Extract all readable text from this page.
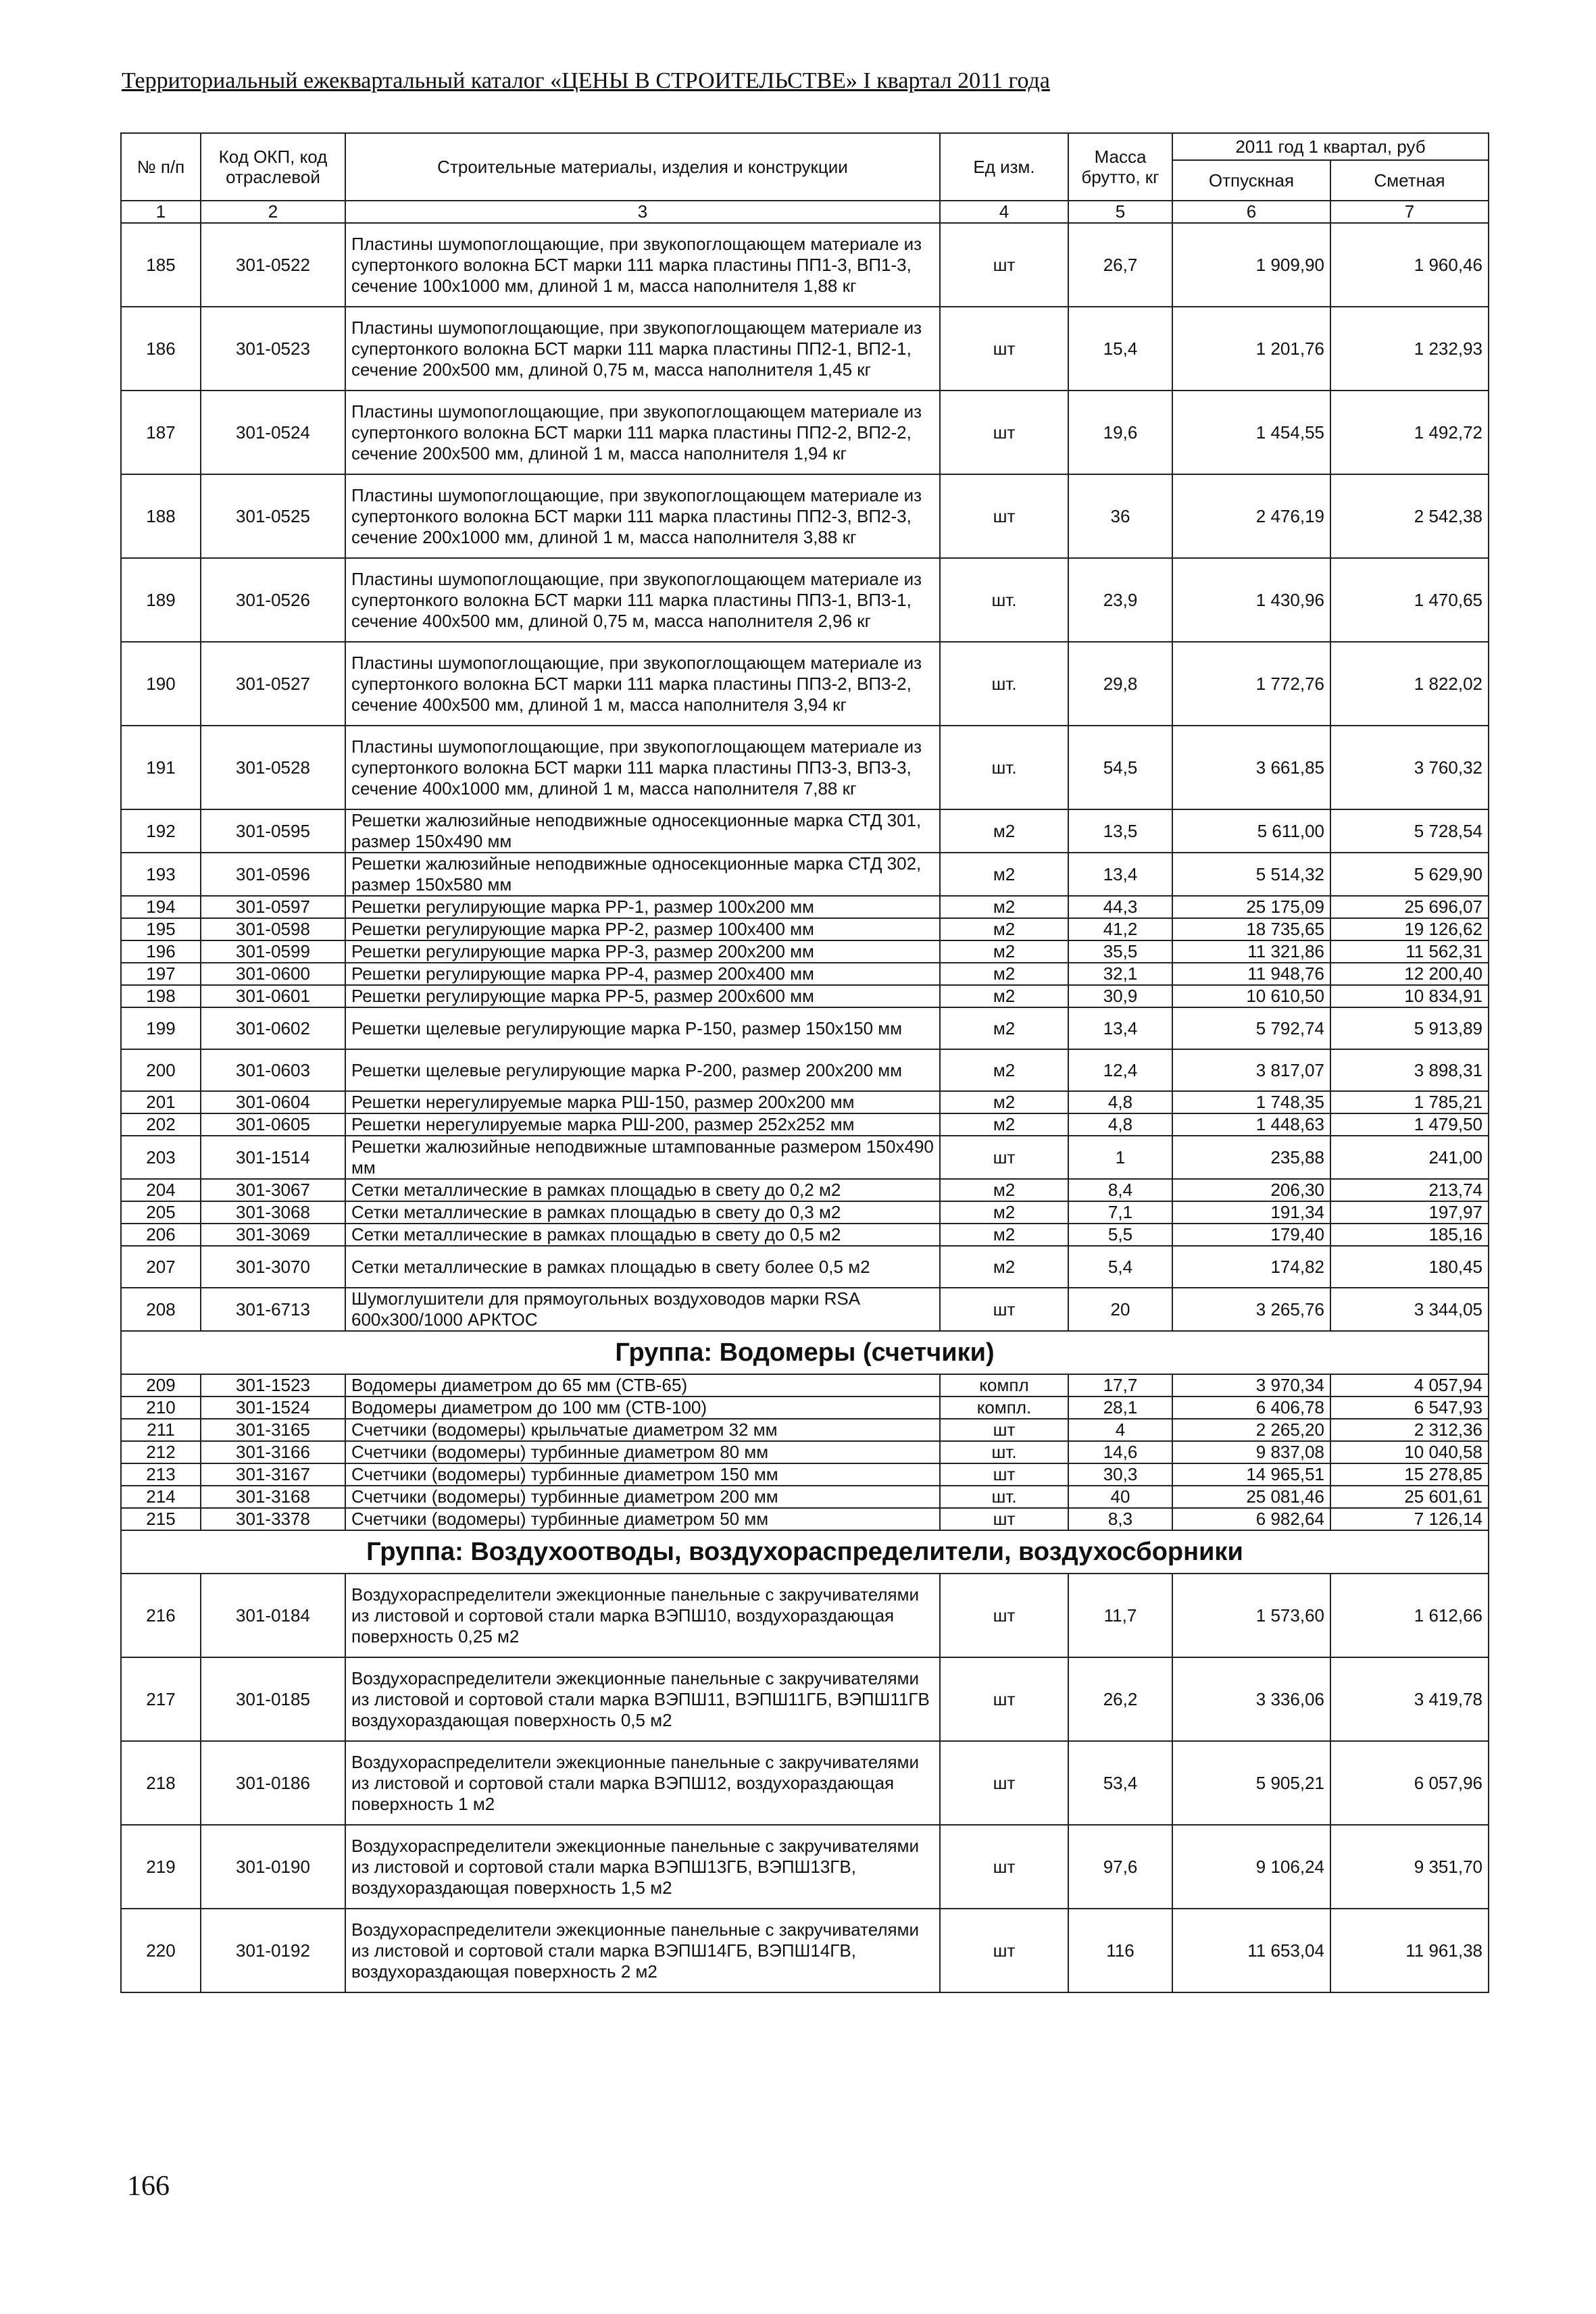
Территориальный ежеквартальный каталог «ЦЕНЫ В СТРОИТЕЛЬСТВЕ» I квартал 2011 года
№ п/п	Код ОКП, код отраслевой	Строительные материалы, изделия и конструкции	Ед изм.	Масса брутто, кг	2011 год 1 квартал, руб	
					Отпускная	Сметная
1	2	3	4	5	6	7
185	301-0522	Пластины шумопоглощающие, при звукопоглощающем материале из супертонкого волокна БСТ марки 111 марка пластины ПП1-3, ВП1-3, сечение 100х1000 мм, длиной 1 м, масса наполнителя 1,88 кг	шт	26,7	1 909,90	1 960,46
186	301-0523	Пластины шумопоглощающие, при звукопоглощающем материале из супертонкого волокна БСТ марки 111 марка пластины ПП2-1, ВП2-1, сечение 200х500 мм, длиной 0,75 м, масса наполнителя 1,45 кг	шт	15,4	1 201,76	1 232,93
187	301-0524	Пластины шумопоглощающие, при звукопоглощающем материале из супертонкого волокна БСТ марки 111 марка пластины ПП2-2, ВП2-2, сечение 200х500 мм, длиной 1 м, масса наполнителя 1,94 кг	шт	19,6	1 454,55	1 492,72
188	301-0525	Пластины шумопоглощающие, при звукопоглощающем материале из супертонкого волокна БСТ марки 111 марка пластины ПП2-3, ВП2-3, сечение 200х1000 мм, длиной 1 м, масса наполнителя 3,88 кг	шт	36	2 476,19	2 542,38
189	301-0526	Пластины шумопоглощающие, при звукопоглощающем материале из супертонкого волокна БСТ марки 111 марка пластины ПП3-1, ВП3-1, сечение 400х500 мм, длиной 0,75 м, масса наполнителя 2,96 кг	шт.	23,9	1 430,96	1 470,65
190	301-0527	Пластины шумопоглощающие, при звукопоглощающем материале из супертонкого волокна БСТ марки 111 марка пластины ПП3-2, ВП3-2, сечение 400х500 мм, длиной 1 м, масса наполнителя 3,94 кг	шт.	29,8	1 772,76	1 822,02
191	301-0528	Пластины шумопоглощающие, при звукопоглощающем материале из супертонкого волокна БСТ марки 111 марка пластины ПП3-3, ВП3-3, сечение 400х1000 мм, длиной 1 м, масса наполнителя 7,88 кг	шт.	54,5	3 661,85	3 760,32
192	301-0595	Решетки жалюзийные неподвижные односекционные марка СТД 301, размер 150х490 мм	м2	13,5	5 611,00	5 728,54
193	301-0596	Решетки жалюзийные неподвижные односекционные марка СТД 302, размер 150х580 мм	м2	13,4	5 514,32	5 629,90
194	301-0597	Решетки регулирующие марка РР-1, размер 100х200 мм	м2	44,3	25 175,09	25 696,07
195	301-0598	Решетки регулирующие марка РР-2, размер 100х400 мм	м2	41,2	18 735,65	19 126,62
196	301-0599	Решетки регулирующие марка РР-3, размер 200х200 мм	м2	35,5	11 321,86	11 562,31
197	301-0600	Решетки регулирующие марка РР-4, размер 200х400 мм	м2	32,1	11 948,76	12 200,40
198	301-0601	Решетки регулирующие марка РР-5, размер 200х600 мм	м2	30,9	10 610,50	10 834,91
199	301-0602	Решетки щелевые регулирующие марка Р-150, размер 150х150 мм	м2	13,4	5 792,74	5 913,89
200	301-0603	Решетки щелевые регулирующие марка Р-200, размер 200х200 мм	м2	12,4	3 817,07	3 898,31
201	301-0604	Решетки нерегулируемые марка РШ-150, размер 200х200 мм	м2	4,8	1 748,35	1 785,21
202	301-0605	Решетки нерегулируемые марка РШ-200, размер 252х252 мм	м2	4,8	1 448,63	1 479,50
203	301-1514	Решетки жалюзийные неподвижные штампованные размером 150х490 мм	шт	1	235,88	241,00
204	301-3067	Сетки металлические в рамках площадью в свету до 0,2 м2	м2	8,4	206,30	213,74
205	301-3068	Сетки металлические в рамках площадью в свету до 0,3 м2	м2	7,1	191,34	197,97
206	301-3069	Сетки металлические в рамках площадью в свету до 0,5 м2	м2	5,5	179,40	185,16
207	301-3070	Сетки металлические в рамках площадью в свету более 0,5 м2	м2	5,4	174,82	180,45
208	301-6713	Шумоглушители для прямоугольных воздуховодов марки RSA 600х300/1000 АРКТОС	шт	20	3 265,76	3 344,05
Группа: Водомеры (счетчики)						
209	301-1523	Водомеры диаметром до 65 мм (СТВ-65)	компл	17,7	3 970,34	4 057,94
210	301-1524	Водомеры диаметром до 100 мм (СТВ-100)	компл.	28,1	6 406,78	6 547,93
211	301-3165	Счетчики (водомеры) крыльчатые диаметром 32 мм	шт	4	2 265,20	2 312,36
212	301-3166	Счетчики (водомеры) турбинные диаметром 80 мм	шт.	14,6	9 837,08	10 040,58
213	301-3167	Счетчики (водомеры) турбинные диаметром 150 мм	шт	30,3	14 965,51	15 278,85
214	301-3168	Счетчики (водомеры) турбинные диаметром 200 мм	шт.	40	25 081,46	25 601,61
215	301-3378	Счетчики (водомеры) турбинные диаметром 50 мм	шт	8,3	6 982,64	7 126,14
Группа: Воздухоотводы, воздухораспределители, воздухосборники						
216	301-0184	Воздухораспределители эжекционные панельные с закручивателями из листовой и сортовой стали марка ВЭПШ10, воздухораздающая поверхность 0,25 м2	шт	11,7	1 573,60	1 612,66
217	301-0185	Воздухораспределители эжекционные панельные с закручивателями из листовой и сортовой стали марка ВЭПШ11, ВЭПШ11ГБ, ВЭПШ11ГВ воздухораздающая поверхность 0,5 м2	шт	26,2	3 336,06	3 419,78
218	301-0186	Воздухораспределители эжекционные панельные с закручивателями из листовой и сортовой стали марка ВЭПШ12, воздухораздающая поверхность 1 м2	шт	53,4	5 905,21	6 057,96
219	301-0190	Воздухораспределители эжекционные панельные с закручивателями из листовой и сортовой стали марка ВЭПШ13ГБ, ВЭПШ13ГВ, воздухораздающая поверхность 1,5 м2	шт	97,6	9 106,24	9 351,70
220	301-0192	Воздухораспределители эжекционные панельные с закручивателями из листовой и сортовой стали марка ВЭПШ14ГБ, ВЭПШ14ГВ, воздухораздающая поверхность 2 м2	шт	116	11 653,04	11 961,38
166
